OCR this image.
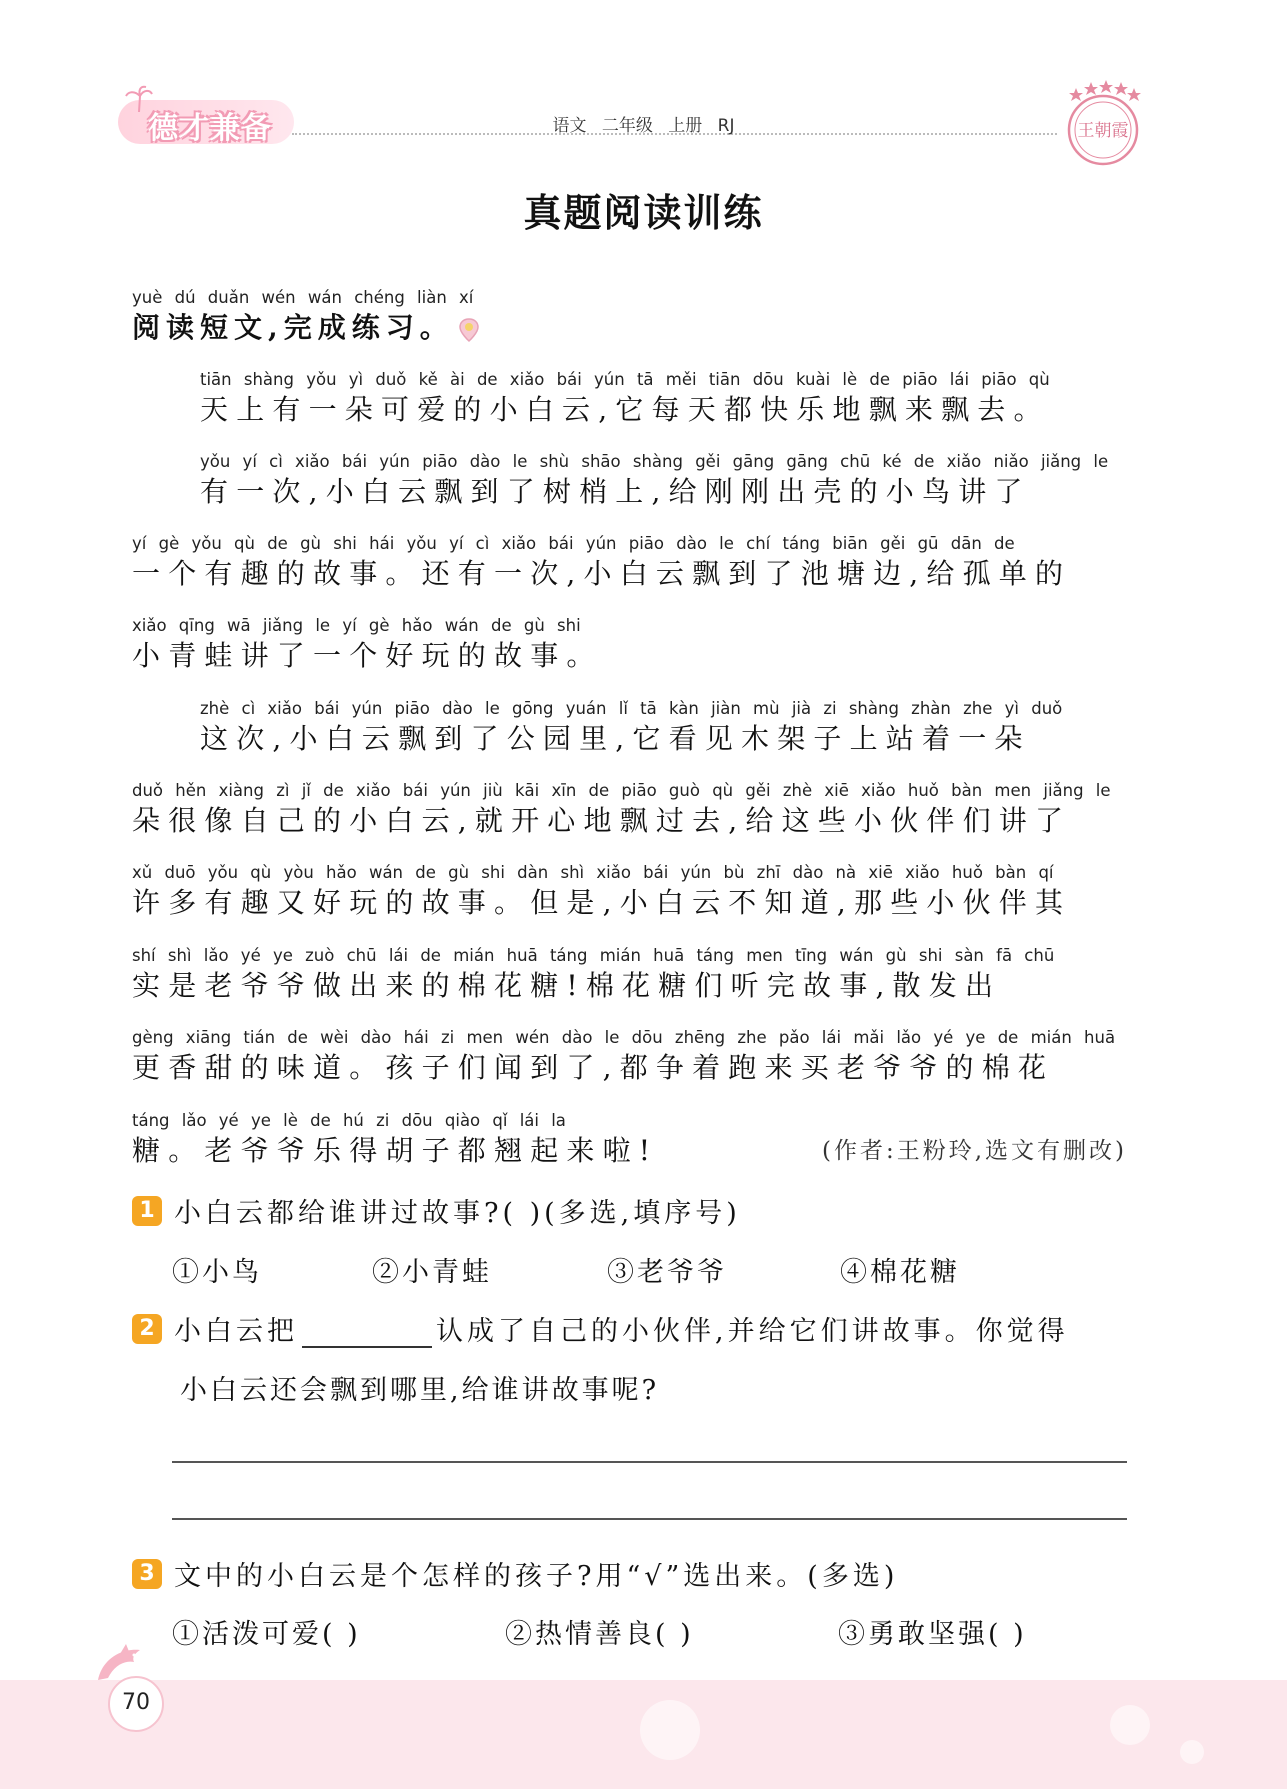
德才兼备	语文 二年级 上册 RJ	王朝霞
真题阅读训练
yuè dú duǎn wén wán chéng liàn xí
阅读短文,完成练习。
tiān shàng yǒu yì duǒ kě ài de xiǎo bái yún tā měi tiān dōu kuài lè de piāo lái piāo qù
天上有一朵可爱的小白云,它每天都快乐地飘来飘去。
yǒu yí cì xiǎo bái yún piāo dào le shù shāo shàng gěi gāng gāng chū ké de xiǎo niǎo jiǎng le
有一次,小白云飘到了树梢上,给刚刚出壳的小鸟讲了
yí gè yǒu qù de gù shi hái yǒu yí cì xiǎo bái yún piāo dào le chí táng biān gěi gū dān de
一个有趣的故事。还有一次,小白云飘到了池塘边,给孤单的
xiǎo qīng wā jiǎng le yí gè hǎo wán de gù shi
小青蛙讲了一个好玩的故事。
zhè cì xiǎo bái yún piāo dào le gōng yuán lǐ tā kàn jiàn mù jià zi shàng zhàn zhe yì duǒ
这次,小白云飘到了公园里,它看见木架子上站着一朵
duǒ hěn xiàng zì jǐ de xiǎo bái yún jiù kāi xīn de piāo guò qù gěi zhè xiē xiǎo huǒ bàn men jiǎng le
朵很像自己的小白云,就开心地飘过去,给这些小伙伴们讲了
xǔ duō yǒu qù yòu hǎo wán de gù shi dàn shì xiǎo bái yún bù zhī dào nà xiē xiǎo huǒ bàn qí
许多有趣又好玩的故事。但是,小白云不知道,那些小伙伴其
shí shì lǎo yé ye zuò chū lái de mián huā táng mián huā táng men tīng wán gù shi sàn fā chū
实是老爷爷做出来的棉花糖!棉花糖们听完故事,散发出
gèng xiāng tián de wèi dào hái zi men wén dào le dōu zhēng zhe pǎo lái mǎi lǎo yé ye de mián huā
更香甜的味道。孩子们闻到了,都争着跑来买老爷爷的棉花
táng lǎo yé ye lè de hú zi dōu qiào qǐ lái la
糖。老爷爷乐得胡子都翘起来啦!	(作者:王粉玲,选文有删改)
1 小白云都给谁讲过故事?( )(多选,填序号)
①小鸟	②小青蛙	③老爷爷	④棉花糖
2 小白云把	认成了自己的小伙伴,并给它们讲故事。你觉得
小白云还会飘到哪里,给谁讲故事呢?
3 文中的小白云是个怎样的孩子?用“√”选出来。(多选)
①活泼可爱( )	②热情善良( )	③勇敢坚强( )
70
